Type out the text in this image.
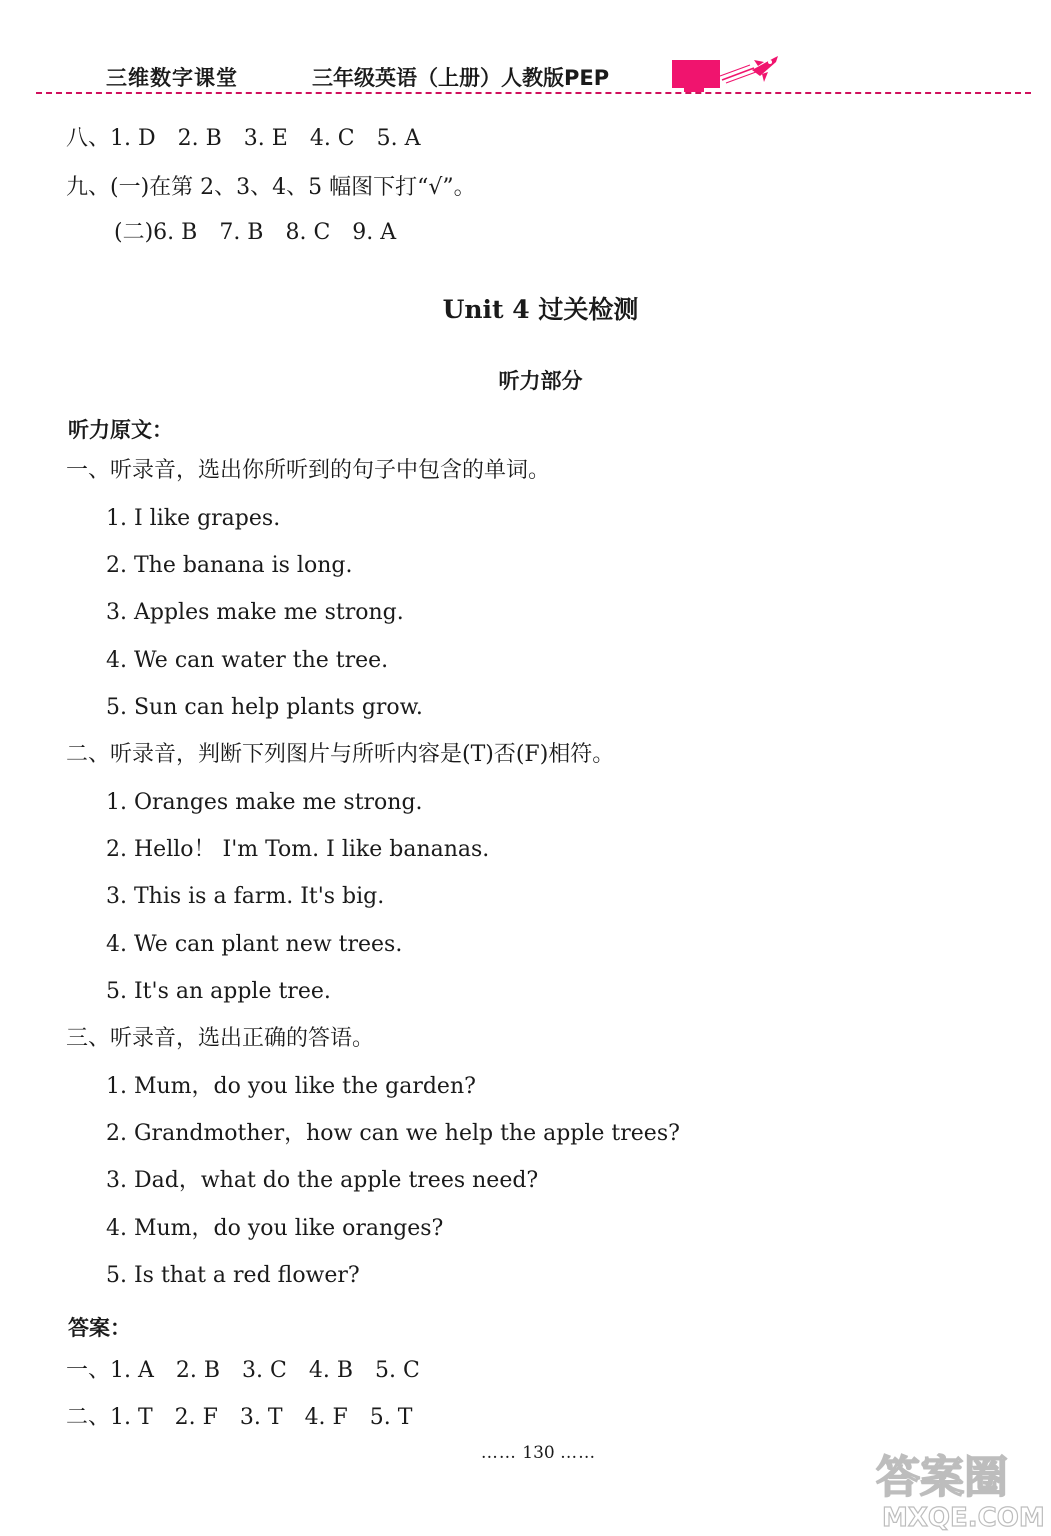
三维数字课堂	三年级英语（上册）人教版PEP
八、1. D　2. B　3. E　4. C　5. A
九、(一)在第 2、3、4、5 幅图下打“√”。
　(二)6. B　7. B　8. C　9. A
Unit 4 过关检测
听力部分
听力原文：
一、听录音，选出你所听到的句子中包含的单词。
1. I like grapes.
2. The banana is long.
3. Apples make me strong.
4. We can water the tree.
5. Sun can help plants grow.
二、听录音，判断下列图片与所听内容是(T)否(F)相符。
1. Oranges make me strong.
2. Hello！ I'm Tom. I like bananas.
3. This is a farm. It's big.
4. We can plant new trees.
5. It's an apple tree.
三、听录音，选出正确的答语。
1. Mum，do you like the garden?
2. Grandmother，how can we help the apple trees?
3. Dad，what do the apple trees need?
4. Mum，do you like oranges?
5. Is that a red flower?
答案：
一、1. A　2. B　3. C　4. B　5. C
二、1. T　2. F　3. T　4. F　5. T
…… 130 ……	答案圈
MXQE.COM
